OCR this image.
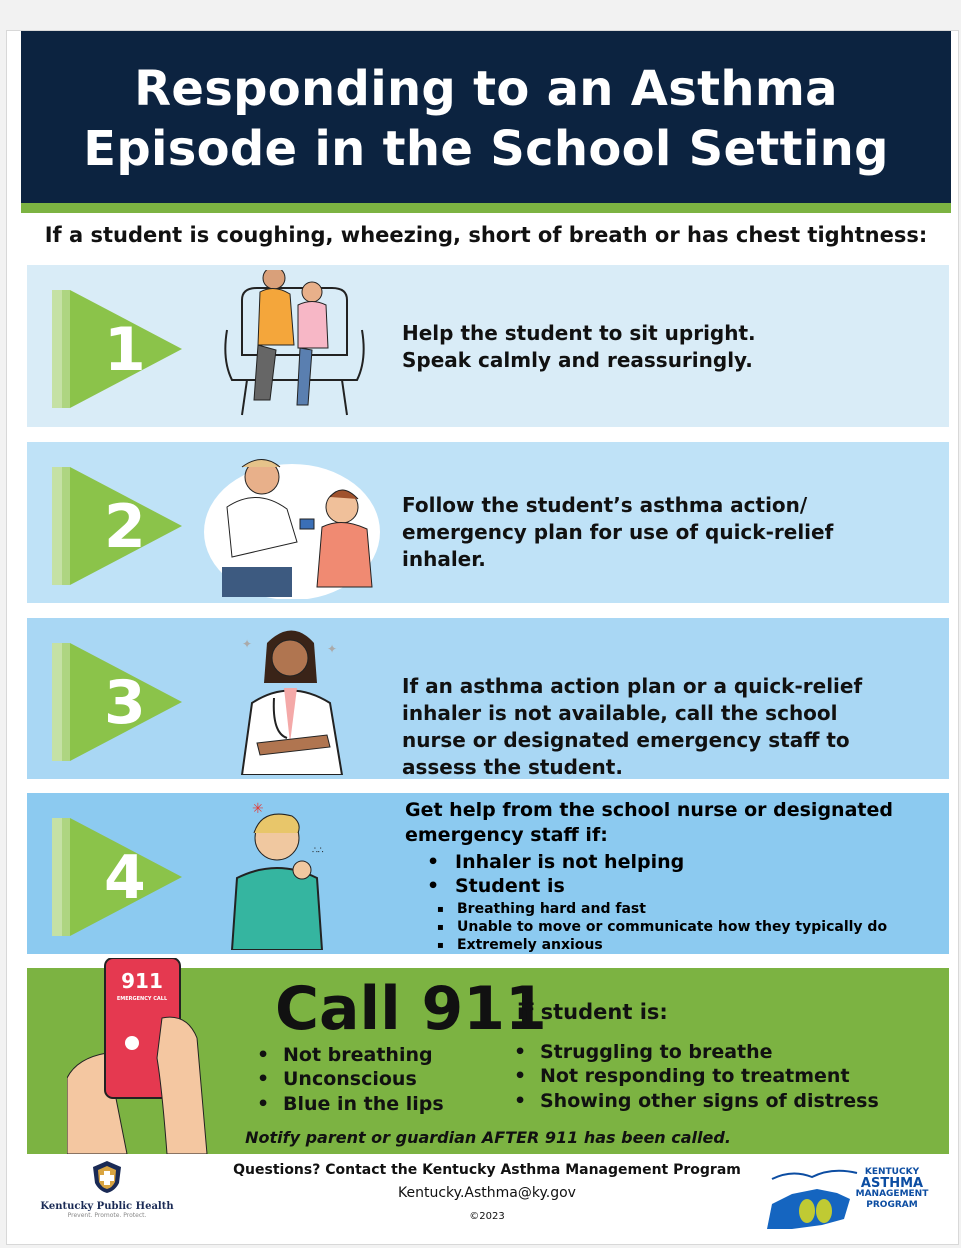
Responding to an Asthma
Episode in the School Setting
If a student is coughing, wheezing, short of breath or has chest tightness:
1	Help the student to sit upright.
Speak calmly and reassuringly.
2	Follow the student’s asthma action/
emergency plan for use of quick-relief
inhaler.
3
✦	✦
If an asthma action plan or a quick-relief
inhaler is not available, call the school
nurse or designated emergency staff to
assess the student.
4
✳
∴∴
Get help from the school nurse or designated
emergency staff if:
• Inhaler is not helping
• Student is
▪ Breathing hard and fast
▪ Unable to move or communicate how they typically do
▪ Extremely anxious
911
EMERGENCY CALL Call 911
if student is:
• Not breathing
• Unconscious
• Blue in the lips
• Struggling to breathe
• Not responding to treatment
• Showing other signs of distress
Notify parent or guardian AFTER 911 has been called.
Kentucky Public Health
Prevent. Promote. Protect.
Questions? Contact the Kentucky Asthma Management Program
Kentucky.Asthma@ky.gov
©2023
KENTUCKY
ASTHMA
MANAGEMENT
PROGRAM
